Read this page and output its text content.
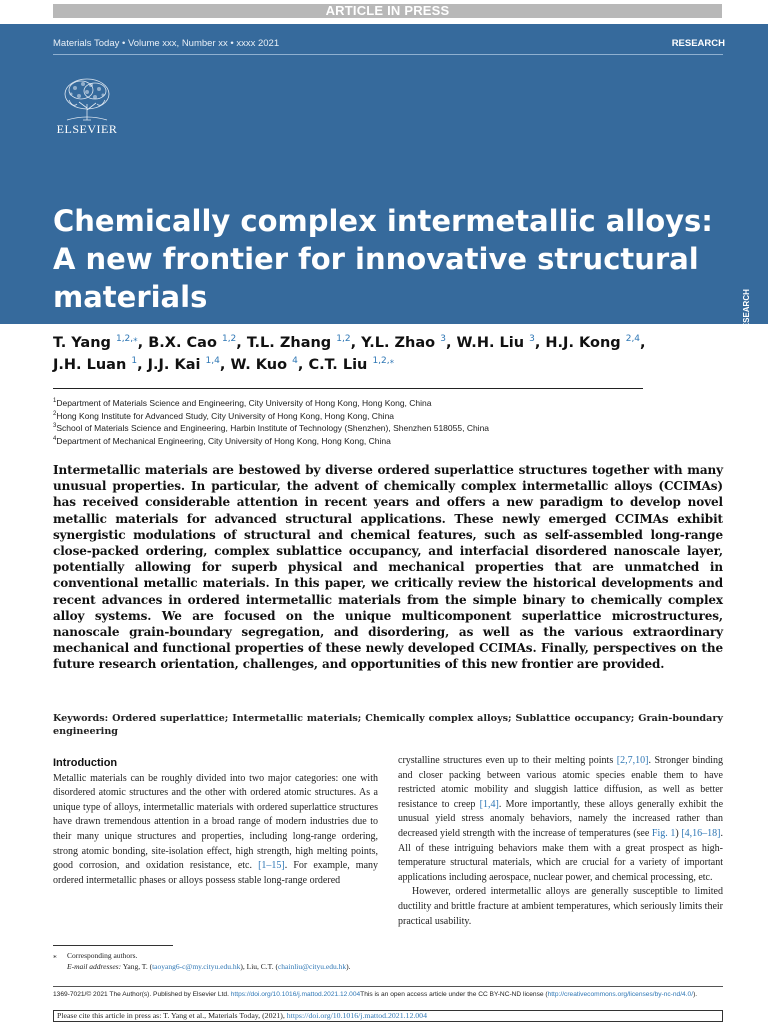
ARTICLE IN PRESS
Materials Today • Volume xxx, Number xx • xxxx 2021	RESEARCH
ELSEVIER
Chemically complex intermetallic alloys: A new frontier for innovative structural materials	RESEARCH
T. Yang $^{1,2,⁎}$, B.X. Cao $^{1,2}$, T.L. Zhang $^{1,2}$, Y.L. Zhao $^3$, W.H. Liu $^3$, H.J. Kong $^{2,4}$,
J.H. Luan $^1$, J.J. Kai $^{1,4}$, W. Kuo $^4$, C.T. Liu $^{1,2,⁎}$
$^1$Department of Materials Science and Engineering, City University of Hong Kong, Hong Kong, China
$^2$Hong Kong Institute for Advanced Study, City University of Hong Kong, Hong Kong, China
$^3$School of Materials Science and Engineering, Harbin Institute of Technology (Shenzhen), Shenzhen 518055, China
$^4$Department of Mechanical Engineering, City University of Hong Kong, Hong Kong, China

Intermetallic materials are bestowed by diverse ordered superlattice structures together with many unusual properties. In particular, the advent of chemically complex intermetallic alloys (CCIMAs) has received considerable attention in recent years and offers a new paradigm to develop novel metallic materials for advanced structural applications. These newly emerged CCIMAs exhibit synergistic modulations of structural and chemical features, such as self-assembled long-range close-packed ordering, complex sublattice occupancy, and interfacial disordered nanoscale layer, potentially allowing for superb physical and mechanical properties that are unmatched in conventional metallic materials. In this paper, we critically review the historical developments and recent advances in ordered intermetallic materials from the simple binary to chemically complex alloy systems. We are focused on the unique multicomponent superlattice microstructures, nanoscale grain-boundary segregation, and disordering, as well as the various extraordinary mechanical and functional properties of these newly developed CCIMAs. Finally, perspectives on the future research orientation, challenges, and opportunities of this new frontier are provided.

Keywords: Ordered superlattice; Intermetallic materials; Chemically complex alloys; Sublattice occupancy; Grain-boundary engineering

Introduction

Metallic materials can be roughly divided into two major categories: one with disordered atomic structures and the other with ordered atomic structures. As a unique type of alloys, intermetallic materials with ordered superlattice structures have drawn tremendous attention in a broad range of modern industries due to their many unique structures and properties, including long-range ordering, strong atomic bonding, site-isolation effect, high strength, high melting points, good corrosion, and oxidation resistance, etc. [1–15]. For example, many ordered intermetallic phases or alloys possess stable long-range ordered

crystalline structures even up to their melting points [2,7,10]. Stronger binding and closer packing between various atomic species enable them to have restricted atomic mobility and sluggish lattice diffusion, as well as better resistance to creep [1,4]. More importantly, these alloys generally exhibit the unusual yield stress anomaly behaviors, namely the increased rather than decreased yield strength with the increase of temperatures (see Fig. 1) [4,16–18]. All of these intriguing behaviors make them with a great prospect as high-temperature structural materials, which are crucial for a variety of important applications including aerospace, nuclear power, and chemical processing, etc.

However, ordered intermetallic alloys are generally susceptible to limited ductility and brittle fracture at ambient temperatures, which seriously limits their practical usability.

⁎ Corresponding authors.
E-mail addresses: Yang, T. (taoyang6-c@my.cityu.edu.hk), Liu, C.T. (chainliu@cityu.edu.hk).
1369-7021/© 2021 The Author(s). Published by Elsevier Ltd. https://doi.org/10.1016/j.mattod.2021.12.004This is an open access article under the CC BY-NC-ND license (http://creativecommons.org/licenses/by-nc-nd/4.0/).
Please cite this article in press as: T. Yang et al., Materials Today, (2021), https://doi.org/10.1016/j.mattod.2021.12.004
